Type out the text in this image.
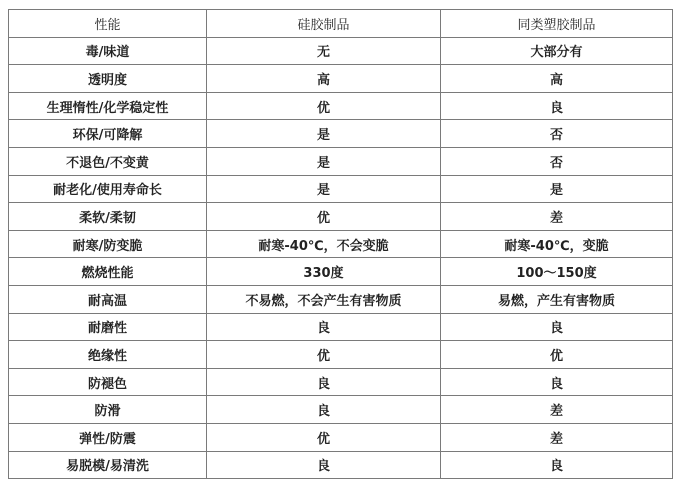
性能	硅胶制品	同类塑胶制品
毒/味道	无	大部分有
透明度	高	高
生理惰性/化学稳定性	优	良
环保/可降解	是	否
不退色/不变黄	是	否
耐老化/使用寿命长	是	是
柔软/柔韧	优	差
耐寒/防变脆	耐寒-40℃，不会变脆	耐寒-40℃，变脆
燃烧性能	330度	100～150度
耐高温	不易燃，不会产生有害物质	易燃，产生有害物质
耐磨性	良	良
绝缘性	优	优
防褪色	良	良
防滑	良	差
弹性/防震	优	差
易脱模/易清洗	良	良
